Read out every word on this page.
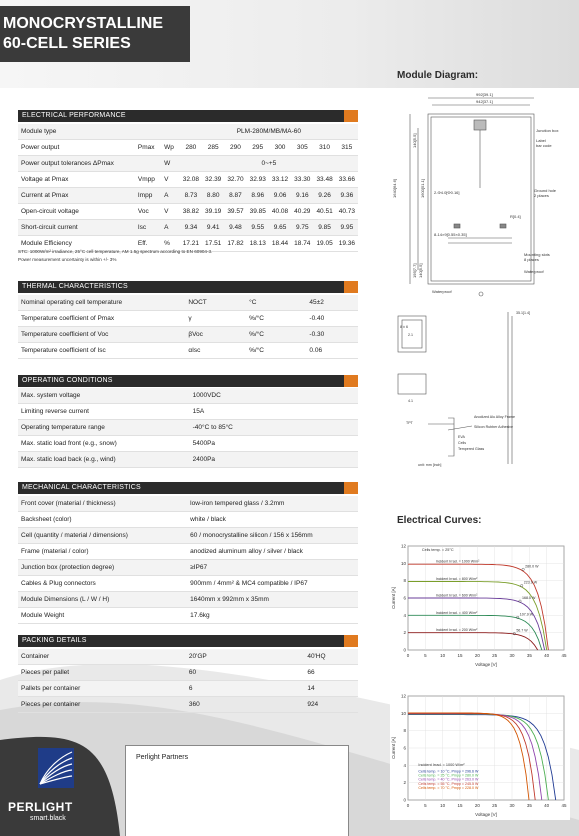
MONOCRYSTALLINE
60-CELL SERIES
ELECTRICAL PERFORMANCE
Module type			PLM-280M/MB/MA-60							
Power output	Pmax	Wp	280	285	290	295	300	305	310	315
Power output tolerances ΔPmax		W	0~+5							
Voltage at Pmax	Vmpp	V	32.08	32.39	32.70	32.93	33.12	33.30	33.48	33.66
Current at Pmax	Impp	A	8.73	8.80	8.87	8.96	9.06	9.16	9.26	9.36
Open-circuit voltage	Voc	V	38.82	39.19	39.57	39.85	40.08	40.29	40.51	40.73
Short-circuit current	Isc	A	9.34	9.41	9.48	9.55	9.65	9.75	9.85	9.95
Module Efficiency	Eff.	%	17.21	17.51	17.82	18.13	18.44	18.74	19.05	19.36
STC: 1000W/m² irradiance, 25°C cell temperature, AM 1.5g spectrum according to EN 60904-3.
Power measurement uncertainty is within +/- 3%
THERMAL CHARACTERISTICS
Nominal operating cell temperature	NOCT	°C	45±2
Temperature coefficient of Pmax	γ	%/°C	-0.40
Temperature coefficient of Voc	βVoc	%/°C	-0.30
Temperature coefficient of Isc	αIsc	%/°C	0.06
OPERATING CONDITIONS
Max. system voltage	1000VDC
Limiting reverse current	15A
Operating temperature range	-40°C to 85°C
Max. static load front (e.g., snow)	5400Pa
Max. static load back (e.g., wind)	2400Pa
MECHANICAL CHARACTERISTICS
Front cover (material / thickness)	low-iron tempered glass / 3.2mm
Backsheet (color)	white / black
Cell (quantity / material / dimensions)	60 / monocrystalline silicon / 156 x 156mm
Frame (material / color)	anodized aluminum alloy / silver / black
Junction box (protection degree)	≥IP67
Cables & Plug connectors	900mm / 4mm² & MC4 compatible / IP67
Module Dimensions (L / W / H)	1640mm x 992mm x 35mm
Module Weight	17.6kg
PACKING DETAILS
Container	20'GP	40'HQ
Pieces per pallet	60	66
Pallets per container	6	14
Pieces per container	360	924
Perlight Partners
PERLIGHT
smart.black
Module Diagram:
992[39.1]
942[37.1]
1640[64.6]
140[5.5]
1600[51.1] 2-Φ4.0[Φ0.16]
8-14×9[0.55×0.35]
R[0.4]
195[7.7] 140[5.5]
Junction box
Label
bar code
Ground hole
2 places
Mounting slots
8 places
Waterproof
Waterproof
35.1[1.4]
8 ± 6
2.1
4.1
Anodized Alu Alloy Frame
Silicon Rubber Adhesive
EVA
Cells
Tempered Glass
TPT
unit: mm [inch]
Electrical Curves:
0	5	10	15	20	25	30	35	40	45
0
2
4
6
8
10
12
Voltage [V]
Current [A]
Incident Irrad. = 1000 W/m²
280.0 W
Incident Irrad. = 800 W/m²
223.9 W
Incident Irrad. = 600 W/m²
168.0 W
Incident Irrad. = 400 W/m²	107.9 W
Incident Irrad. = 200 W/m²	56.7 W
Cells temp. = 25°C
0	5	10	15	20	25	30	35	40	45
0
2
4
6
8
10
12
Voltage [V]
Current [A]
Cells temp. = 10 °C, Pmpp = 296.6 W
Cells temp. = 25 °C, Pmpp = 280.0 W
Cells temp. = 40 °C, Pmpp = 263.0 W
Cells temp. = 55 °C, Pmpp = 245.5 W
Cells temp. = 70 °C, Pmpp = 228.0 W
Incident Irrad. = 1000 W/m²
